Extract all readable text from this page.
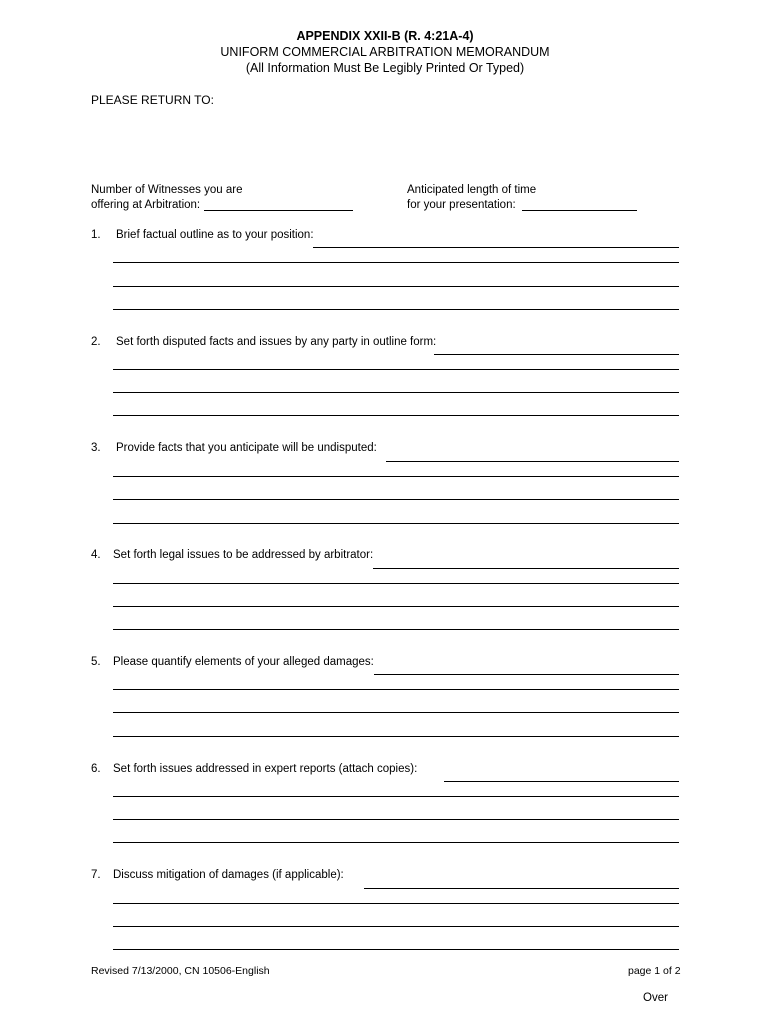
APPENDIX XXII-B (R. 4:21A-4)
UNIFORM COMMERCIAL ARBITRATION MEMORANDUM
(All Information Must Be Legibly Printed Or Typed)
PLEASE RETURN TO:
Number of Witnesses you are
offering at Arbitration:
Anticipated length of time
for your presentation:
1. Brief factual outline as to your position:
2. Set forth disputed facts and issues by any party in outline form:
3. Provide facts that you anticipate will be undisputed:
4. Set forth legal issues to be addressed by arbitrator:
5. Please quantify elements of your alleged damages:
6. Set forth issues addressed in expert reports (attach copies):
7. Discuss mitigation of damages (if applicable):
Revised 7/13/2000, CN 10506-English	page 1 of 2
Over
